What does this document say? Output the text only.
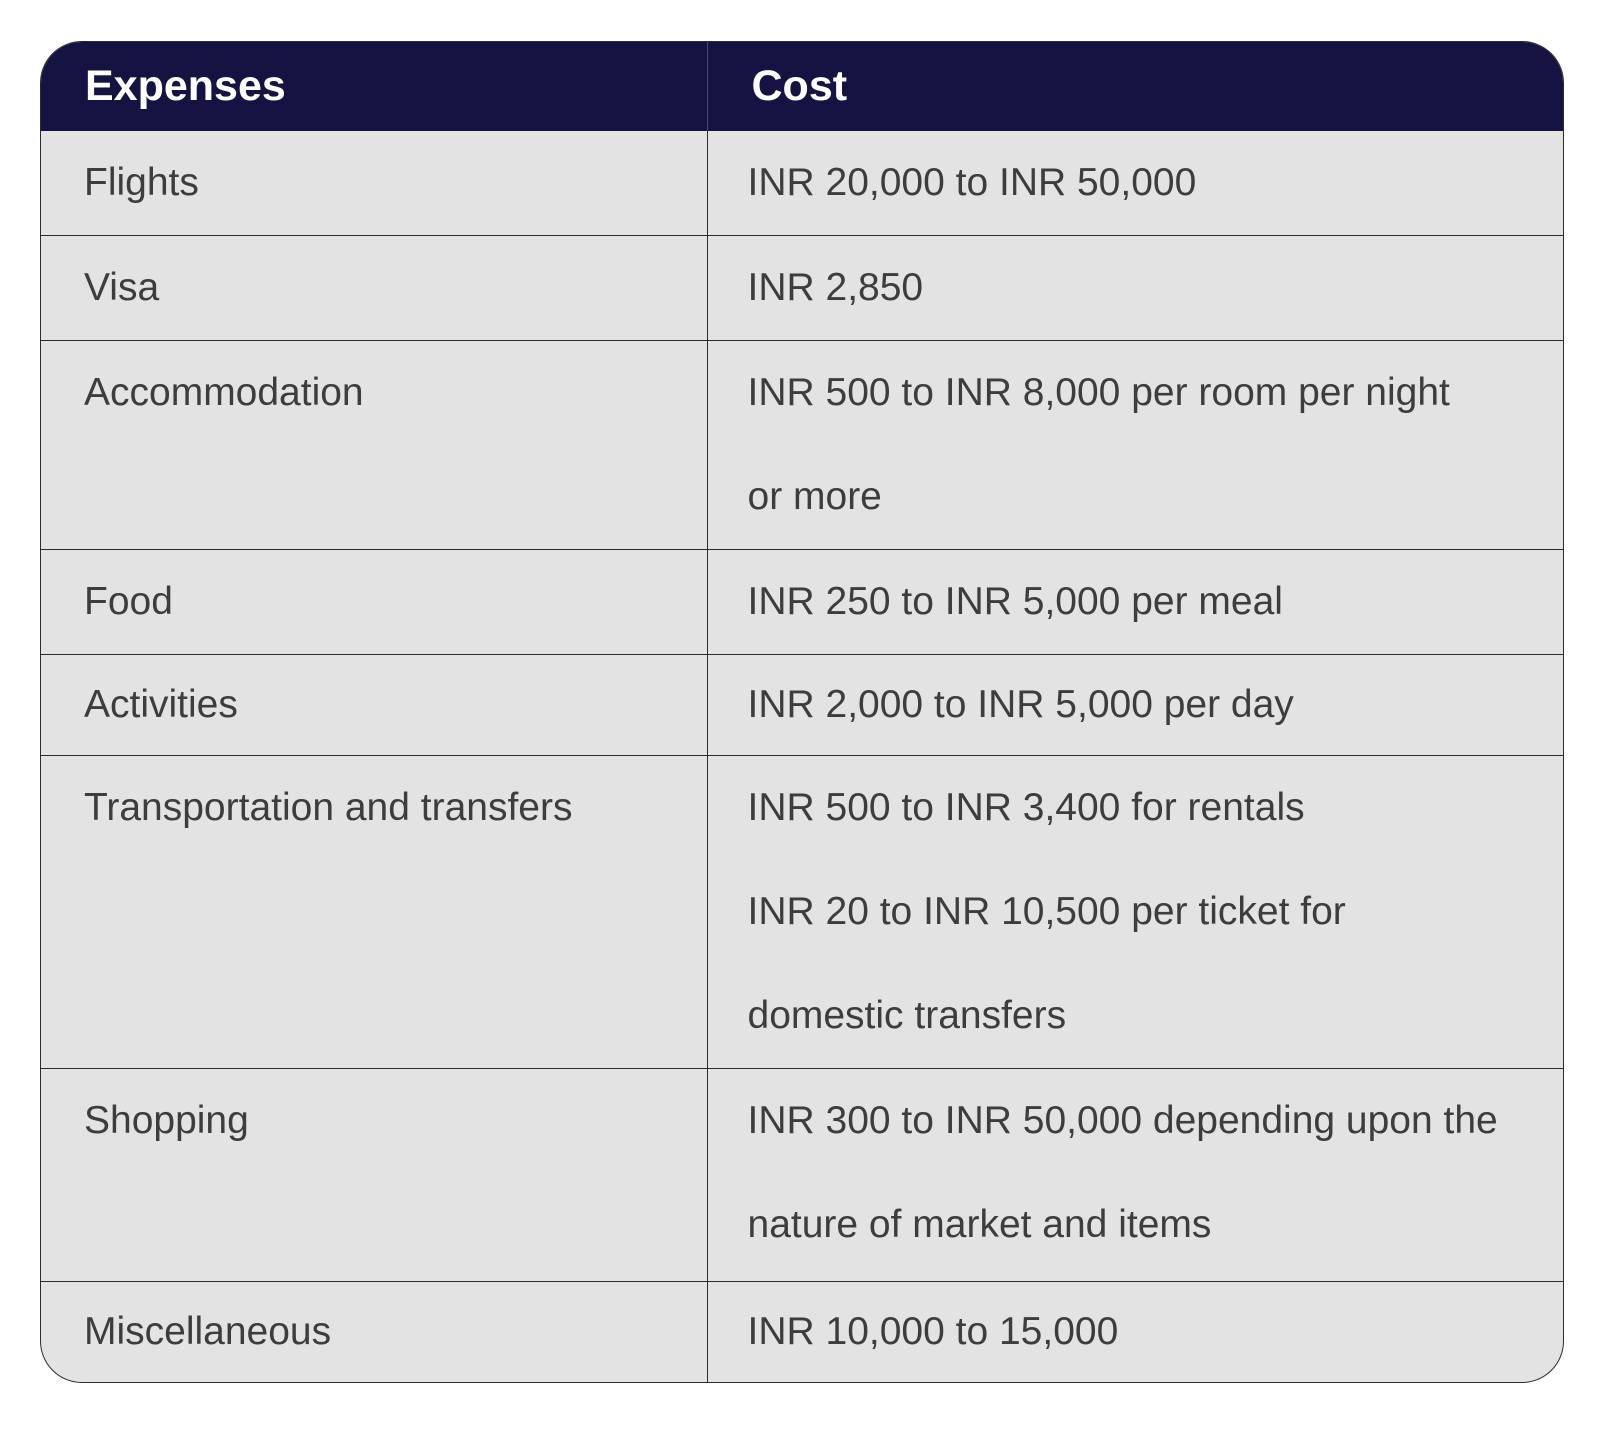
Expenses	Cost
Flights	INR 20,000 to INR 50,000

Visa	INR 2,850

Accommodation	INR 500 to INR 8,000 per room per night
or more

Food	INR 250 to INR 5,000 per meal

Activities	INR 2,000 to INR 5,000 per day

Transportation and transfers	INR 500 to INR 3,400 for rentals
INR 20 to INR 10,500 per ticket for
domestic transfers

Shopping	INR 300 to INR 50,000 depending upon the
nature of market and items

Miscellaneous	INR 10,000 to 15,000
